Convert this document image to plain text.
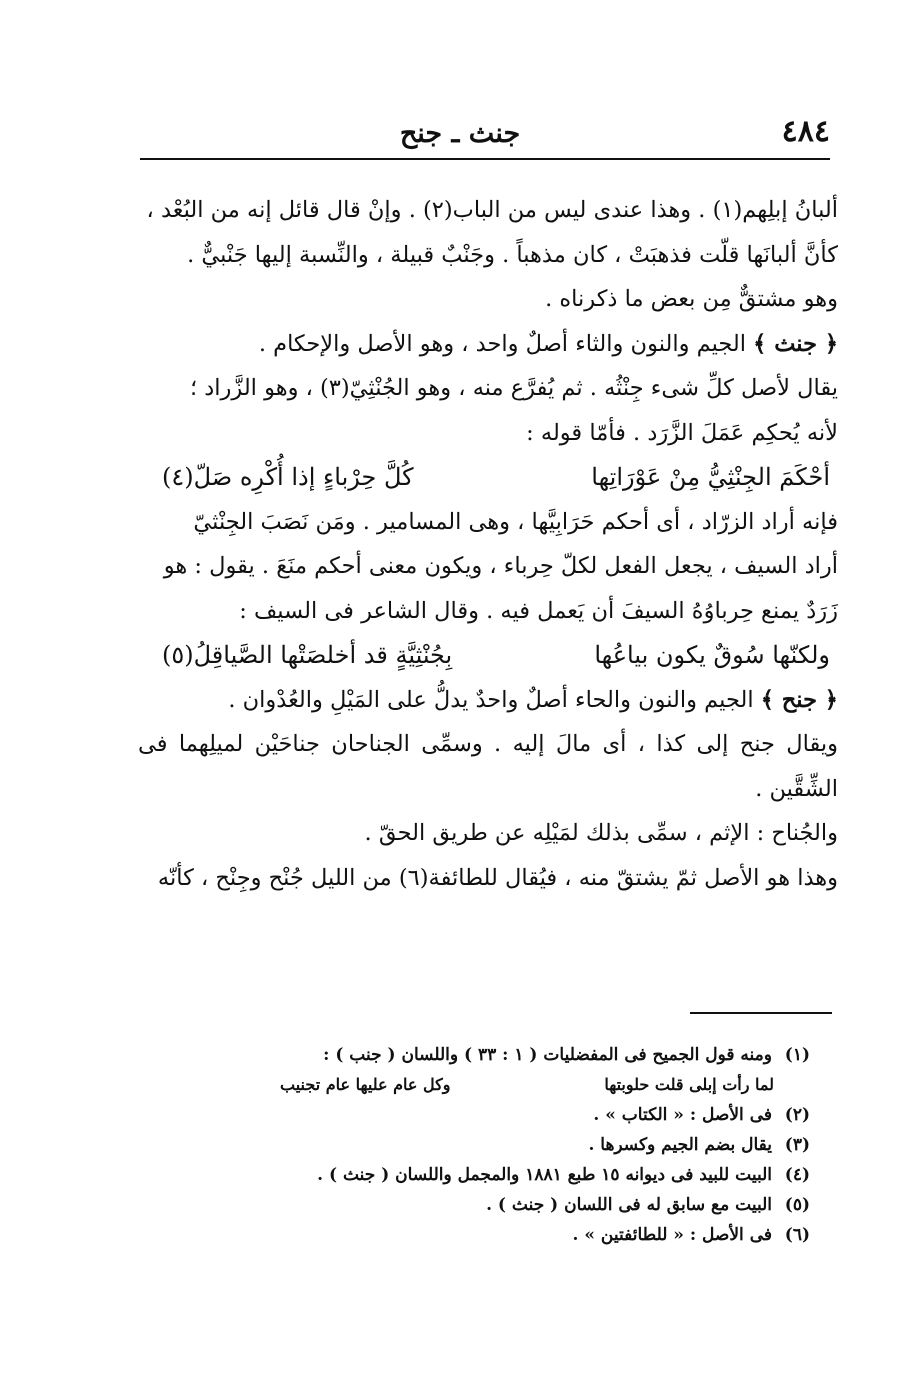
٤٨٤
جنث ـ جنح
ألبانُ إبلِهم(١) . وهذا عندى ليس من الباب(٢) . وإنْ قال قائل إنه من البُعْد ،
كأنَّ ألبانَها قلّت فذهبَتْ ، كان مذهباً . وجَنْبٌ قبيلة ، والنِّسبة إليها جَنْبيٌّ .
وهو مشتقٌّ مِن بعض ما ذكرناه .
﴿ جنث ﴾ الجيم والنون والثاء أصلٌ واحد ، وهو الأصل والإحكام .
يقال لأصل كلِّ شىء جِنْثُه . ثم يُفرَّع منه ، وهو الجُنْثِيّ(٣) ، وهو الزَّراد ؛
لأنه يُحكِم عَمَلَ الزَّرَد . فأمّا قوله :
أحْكَمَ الجِنْثِيُّ مِنْ عَوْرَاتِها
كُلَّ حِرْباءٍ إذا أُكْرِه صَلّ(٤)
فإنه أراد الزرّاد ، أى أحكم حَرَابِيَّها ، وهى المسامير . ومَن نَصَبَ الجِنْثيّ
أراد السيف ، يجعل الفعل لكلّ حِرباء ، ويكون معنى أحكم منَعَ . يقول : هو
زَرَدٌ يمنع حِرباوُهُ السيفَ أن يَعمل فيه . وقال الشاعر فى السيف :
ولكنّها سُوقٌ يكون بياعُها
بِجُنْثِيَّةٍ قد أخلصَتْها الصَّياقِلُ(٥)
﴿ جنح ﴾ الجيم والنون والحاء أصلٌ واحدٌ يدلُّ على المَيْلِ والعُدْوان .
ويقال جنح إلى كذا ، أى مالَ إليه . وسمِّى الجناحان جناحَيْن لميلِهما فى الشِّقَّين .
والجُناح : الإثم ، سمِّى بذلك لمَيْلِه عن طريق الحقّ .
وهذا هو الأصل ثمّ يشتقّ منه ، فيُقال للطائفة(٦) من الليل جُنْح وجِنْح ، كأنّه
(١)
ومنه قول الجميح فى المفضليات ( ١ : ٣٣ ) واللسان ( جنب ) :
لما رأت إبلى قلت حلوبتها
وكل عام عليها عام تجنيب
(٢)
فى الأصل : « الكتاب » .
(٣)
يقال بضم الجيم وكسرها .
(٤)
البيت للبيد فى ديوانه ١٥ طبع ١٨٨١ والمجمل واللسان ( جنث ) .
(٥)
البيت مع سابق له فى اللسان ( جنث ) .
(٦)
فى الأصل : « للطائفتين » .
